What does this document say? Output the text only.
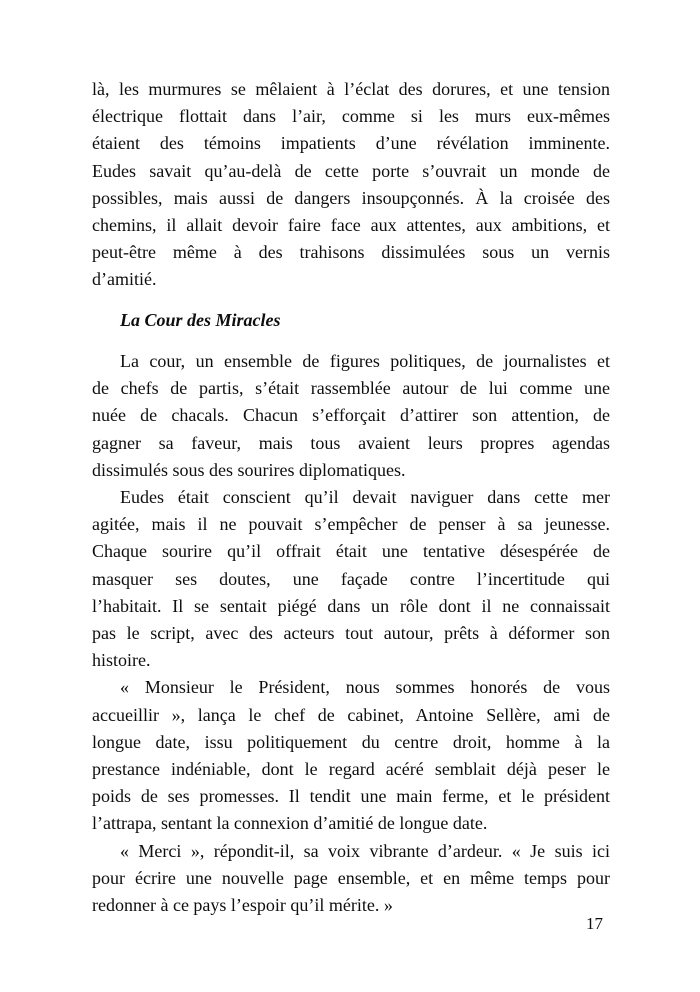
là, les murmures se mêlaient à l’éclat des dorures, et une tension
électrique flottait dans l’air, comme si les murs eux-mêmes
étaient des témoins impatients d’une révélation imminente.
Eudes savait qu’au-delà de cette porte s’ouvrait un monde de
possibles, mais aussi de dangers insoupçonnés. À la croisée des
chemins, il allait devoir faire face aux attentes, aux ambitions, et
peut-être même à des trahisons dissimulées sous un vernis
d’amitié.
La Cour des Miracles
La cour, un ensemble de figures politiques, de journalistes et
de chefs de partis, s’était rassemblée autour de lui comme une
nuée de chacals. Chacun s’efforçait d’attirer son attention, de
gagner sa faveur, mais tous avaient leurs propres agendas
dissimulés sous des sourires diplomatiques.
Eudes était conscient qu’il devait naviguer dans cette mer
agitée, mais il ne pouvait s’empêcher de penser à sa jeunesse.
Chaque sourire qu’il offrait était une tentative désespérée de
masquer ses doutes, une façade contre l’incertitude qui
l’habitait. Il se sentait piégé dans un rôle dont il ne connaissait
pas le script, avec des acteurs tout autour, prêts à déformer son
histoire.
« Monsieur le Président, nous sommes honorés de vous
accueillir », lança le chef de cabinet, Antoine Sellère, ami de
longue date, issu politiquement du centre droit, homme à la
prestance indéniable, dont le regard acéré semblait déjà peser le
poids de ses promesses. Il tendit une main ferme, et le président
l’attrapa, sentant la connexion d’amitié de longue date.
« Merci », répondit-il, sa voix vibrante d’ardeur. « Je suis ici
pour écrire une nouvelle page ensemble, et en même temps pour
redonner à ce pays l’espoir qu’il mérite. »
17
